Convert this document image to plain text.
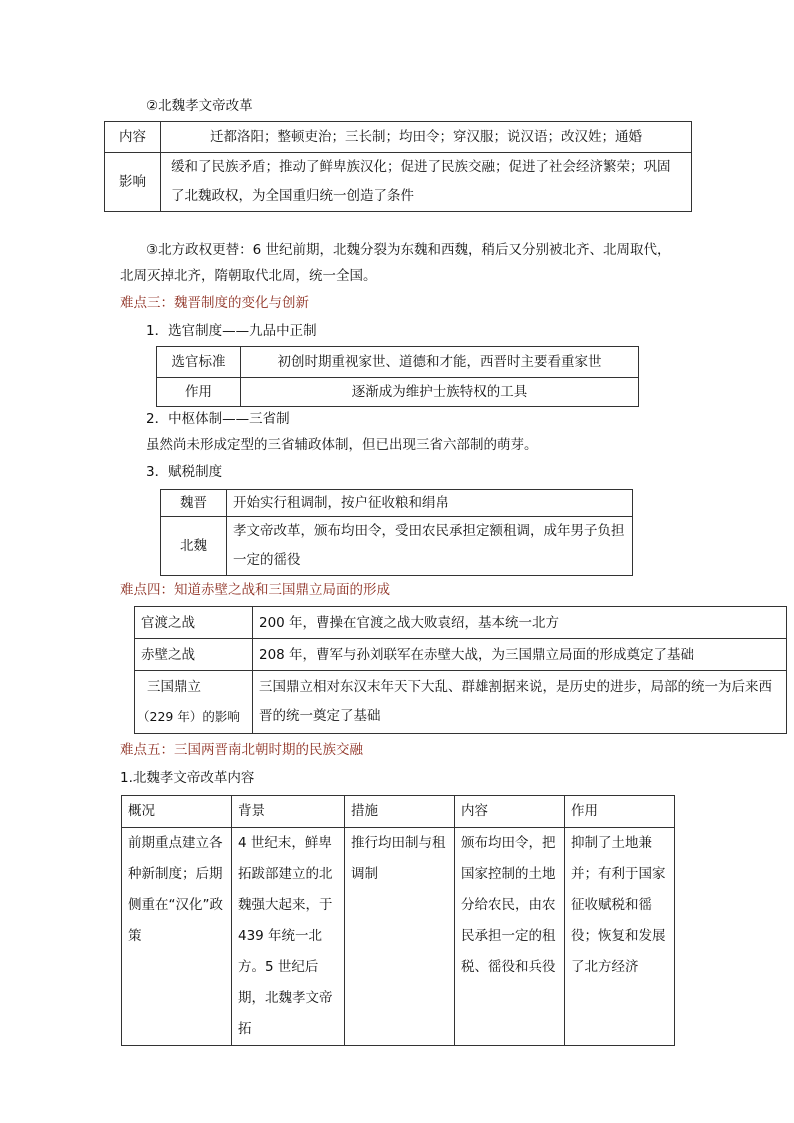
②北魏孝文帝改革
内容	迁都洛阳；整顿吏治；三长制；均田令；穿汉服；说汉语；改汉姓；通婚
影响	缓和了民族矛盾；推动了鲜卑族汉化；促进了民族交融；促进了社会经济繁荣；巩固了北魏政权，为全国重归统一创造了条件
③北方政权更替：6 世纪前期，北魏分裂为东魏和西魏，稍后又分别被北齐、北周取代，
北周灭掉北齐，隋朝取代北周，统一全国。
难点三：魏晋制度的变化与创新
1．选官制度——九品中正制
选官标准	初创时期重视家世、道德和才能，西晋时主要看重家世
作用	逐渐成为维护士族特权的工具
2．中枢体制——三省制
虽然尚未形成定型的三省辅政体制，但已出现三省六部制的萌芽。
3．赋税制度
魏晋	开始实行租调制，按户征收粮和绢帛
北魏	孝文帝改革，颁布均田令，受田农民承担定额租调，成年男子负担一定的徭役
难点四：知道赤壁之战和三国鼎立局面的形成
官渡之战	200 年，曹操在官渡之战大败袁绍，基本统一北方
赤壁之战	208 年，曹军与孙刘联军在赤壁大战，为三国鼎立局面的形成奠定了基础

三国鼎立
（229 年）的影响	三国鼎立相对东汉末年天下大乱、群雄割据来说，是历史的进步，局部的统一为后来西晋的统一奠定了基础
难点五：三国两晋南北朝时期的民族交融
1.北魏孝文帝改革内容
概况	背景	措施	内容	作用
前期重点建立各种新制度；后期侧重在“汉化”政策	4 世纪末，鲜卑拓跋部建立的北魏强大起来，于 439 年统一北方。5 世纪后期，北魏孝文帝拓	推行均田制与租调制	颁布均田令，把国家控制的土地分给农民，由农民承担一定的租税、徭役和兵役	抑制了土地兼并；有利于国家征收赋税和徭役；恢复和发展了北方经济
